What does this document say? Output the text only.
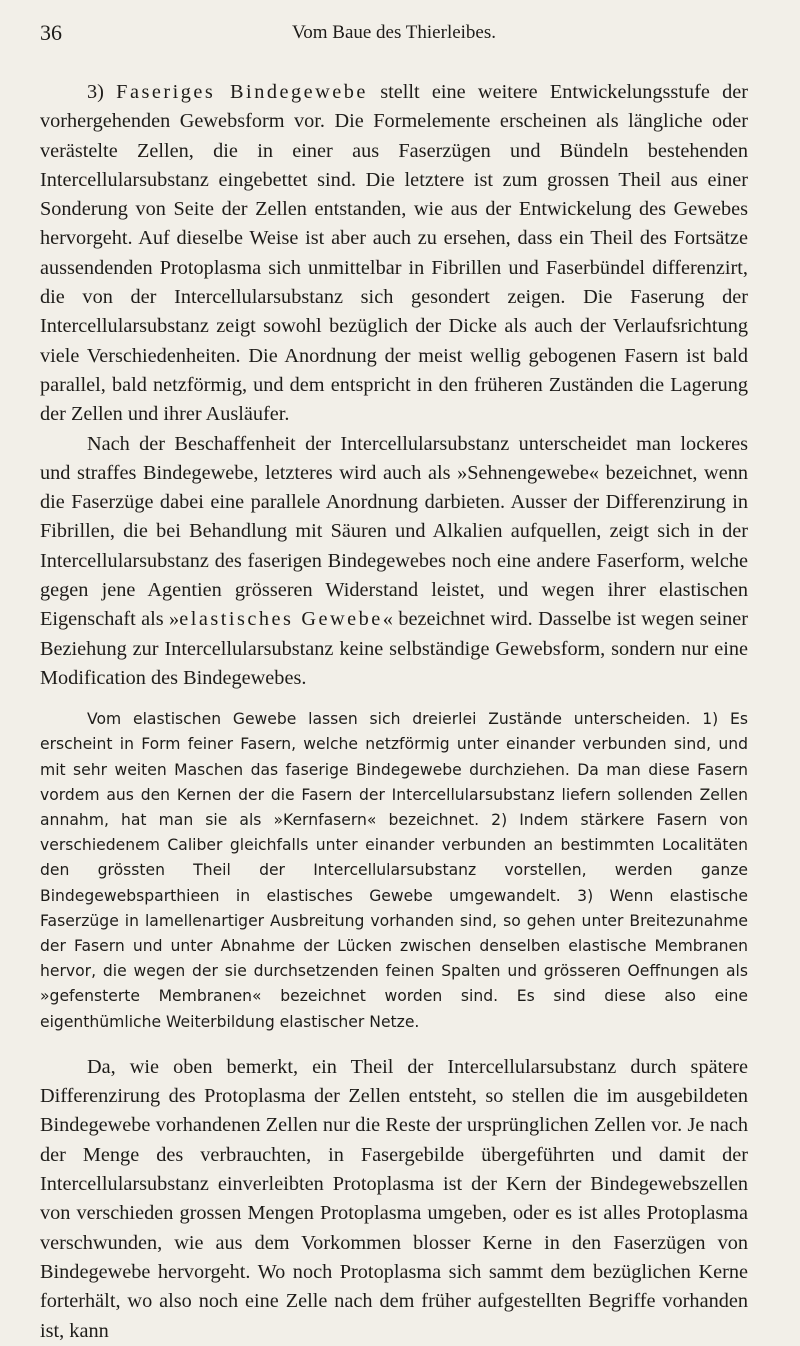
36	Vom Baue des Thierleibes.

3) Faseriges Bindegewebe stellt eine weitere Entwickelungsstufe der vorhergehenden Gewebsform vor. Die Formelemente erscheinen als längliche oder verästelte Zellen, die in einer aus Faserzügen und Bündeln bestehenden Intercellularsubstanz eingebettet sind. Die letztere ist zum grossen Theil aus einer Sonderung von Seite der Zellen entstanden, wie aus der Entwickelung des Gewebes hervorgeht. Auf dieselbe Weise ist aber auch zu ersehen, dass ein Theil des Fortsätze aussendenden Protoplasma sich unmittelbar in Fibrillen und Faserbündel differenzirt, die von der Intercellularsubstanz sich gesondert zeigen. Die Faserung der Intercellularsubstanz zeigt sowohl bezüglich der Dicke als auch der Verlaufsrichtung viele Verschiedenheiten. Die Anordnung der meist wellig gebogenen Fasern ist bald parallel, bald netzförmig, und dem entspricht in den früheren Zuständen die Lagerung der Zellen und ihrer Ausläufer.

Nach der Beschaffenheit der Intercellularsubstanz unterscheidet man lockeres und straffes Bindegewebe, letzteres wird auch als »Sehnengewebe« bezeichnet, wenn die Faserzüge dabei eine parallele Anordnung darbieten. Ausser der Differenzirung in Fibrillen, die bei Behandlung mit Säuren und Alkalien aufquellen, zeigt sich in der Intercellularsubstanz des faserigen Bindegewebes noch eine andere Faserform, welche gegen jene Agentien grösseren Widerstand leistet, und wegen ihrer elastischen Eigenschaft als »elastisches Gewebe« bezeichnet wird. Dasselbe ist wegen seiner Beziehung zur Intercellularsubstanz keine selbständige Gewebsform, sondern nur eine Modification des Bindegewebes.

Vom elastischen Gewebe lassen sich dreierlei Zustände unterscheiden. 1) Es erscheint in Form feiner Fasern, welche netzförmig unter einander verbunden sind, und mit sehr weiten Maschen das faserige Bindegewebe durchziehen. Da man diese Fasern vordem aus den Kernen der die Fasern der Intercellularsubstanz liefern sollenden Zellen annahm, hat man sie als »Kernfasern« bezeichnet. 2) Indem stärkere Fasern von verschiedenem Caliber gleichfalls unter einander verbunden an bestimmten Localitäten den grössten Theil der Intercellularsubstanz vorstellen, werden ganze Bindegewebsparthieen in elastisches Gewebe umgewandelt. 3) Wenn elastische Faserzüge in lamellenartiger Ausbreitung vorhanden sind, so gehen unter Breitezunahme der Fasern und unter Abnahme der Lücken zwischen denselben elastische Membranen hervor, die wegen der sie durchsetzenden feinen Spalten und grösseren Oeffnungen als »gefensterte Membranen« bezeichnet worden sind. Es sind diese also eine eigenthümliche Weiterbildung elastischer Netze.

Da, wie oben bemerkt, ein Theil der Intercellularsubstanz durch spätere Differenzirung des Protoplasma der Zellen entsteht, so stellen die im ausgebildeten Bindegewebe vorhandenen Zellen nur die Reste der ursprünglichen Zellen vor. Je nach der Menge des verbrauchten, in Fasergebilde übergeführten und damit der Intercellularsubstanz einverleibten Protoplasma ist der Kern der Bindegewebszellen von verschieden grossen Mengen Protoplasma umgeben, oder es ist alles Protoplasma verschwunden, wie aus dem Vorkommen blosser Kerne in den Faserzügen von Bindegewebe hervorgeht. Wo noch Protoplasma sich sammt dem bezüglichen Kerne forterhält, wo also noch eine Zelle nach dem früher aufgestellten Begriffe vorhanden ist, kann
